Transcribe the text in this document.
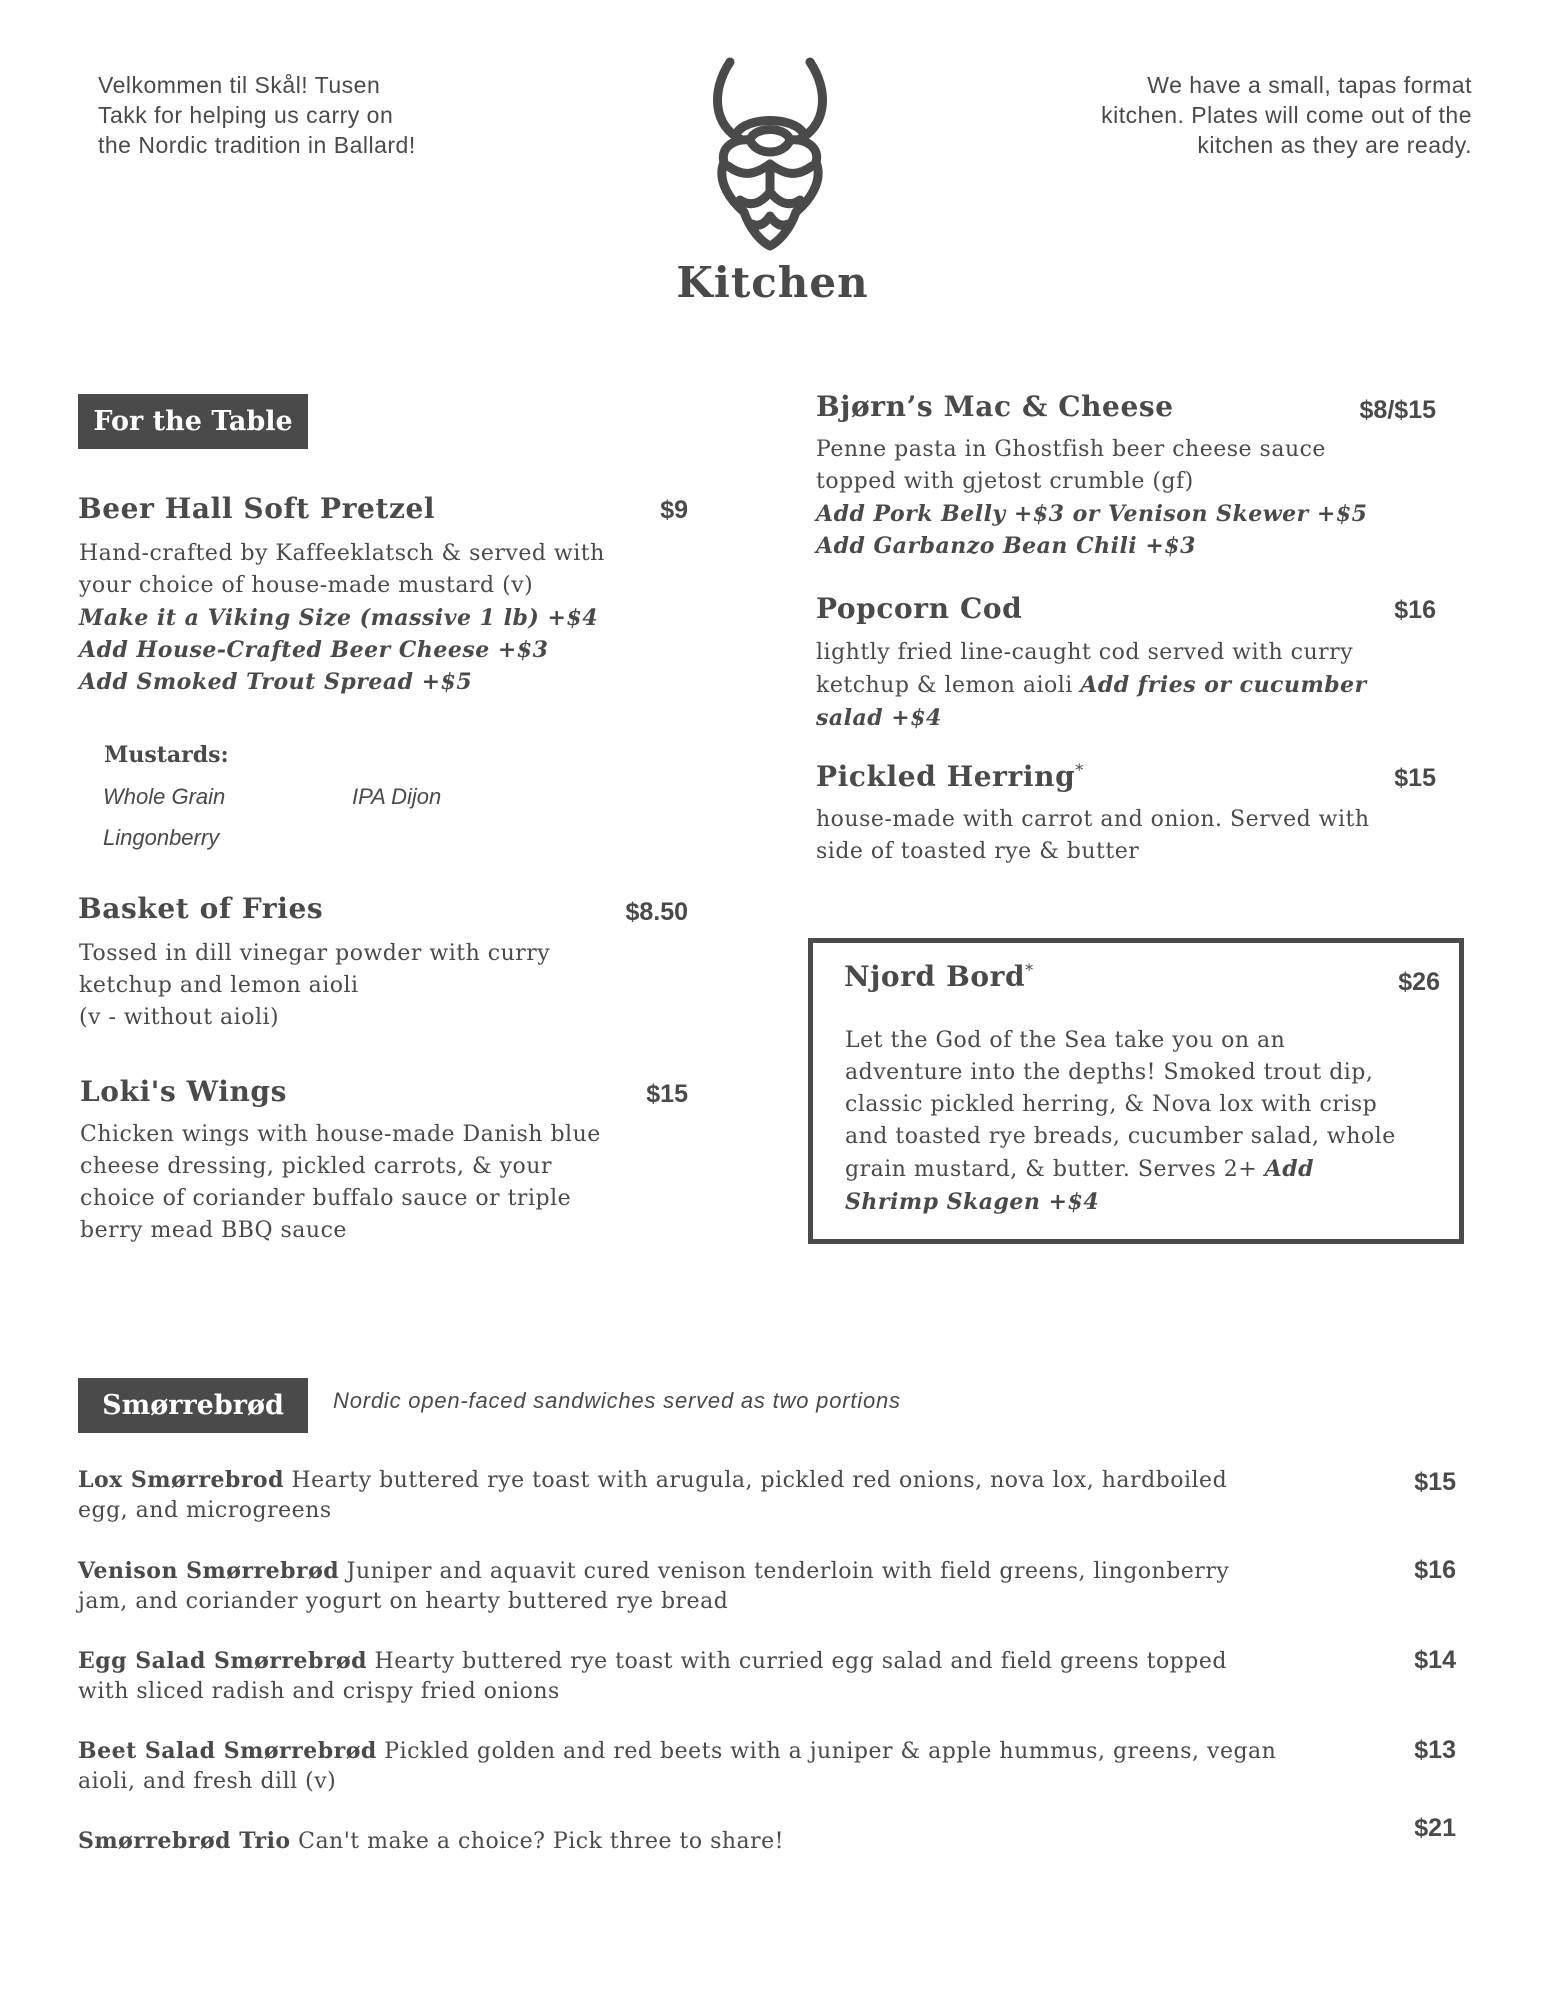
Velkommen til Skål! Tusen Takk for helping us carry on the Nordic tradition in Ballard!
We have a small, tapas format kitchen. Plates will come out of the kitchen as they are ready.
Kitchen
For the Table
Beer Hall Soft Pretzel	$9
Hand-crafted by Kaffeeklatsch & served with your choice of house-made mustard (v)
Make it a Viking Size (massive 1 lb) +$4
Add House-Crafted Beer Cheese +$3
Add Smoked Trout Spread +$5
Mustards:
Whole Grain	IPA Dijon
Lingonberry
Basket of Fries	$8.50
Tossed in dill vinegar powder with curry ketchup and lemon aioli
(v - without aioli)
Loki's Wings	$15
Chicken wings with house-made Danish blue cheese dressing, pickled carrots, & your choice of coriander buffalo sauce or triple berry mead BBQ sauce
Bjørn’s Mac & Cheese	$8/$15
Penne pasta in Ghostfish beer cheese sauce topped with gjetost crumble (gf)
Add Pork Belly +$3 or Venison Skewer +$5
Add Garbanzo Bean Chili +$3
Popcorn Cod	$16
lightly fried line-caught cod served with curry ketchup & lemon aioli Add fries or cucumber salad +$4
Pickled Herring*	$15
house-made with carrot and onion. Served with side of toasted rye & butter
Njord Bord*	$26
Let the God of the Sea take you on an adventure into the depths! Smoked trout dip, classic pickled herring, & Nova lox with crisp and toasted rye breads, cucumber salad, whole grain mustard, & butter. Serves 2+ Add Shrimp Skagen +$4
Smørrebrød	Nordic open-faced sandwiches served as two portions
Lox Smørrebrod Hearty buttered rye toast with arugula, pickled red onions, nova lox, hardboiled egg, and microgreens
$15
Venison Smørrebrød Juniper and aquavit cured venison tenderloin with field greens, lingonberry jam, and coriander yogurt on hearty buttered rye bread
$16
Egg Salad Smørrebrød Hearty buttered rye toast with curried egg salad and field greens topped with sliced radish and crispy fried onions
$14
Beet Salad Smørrebrød Pickled golden and red beets with a juniper & apple hummus, greens, vegan aioli, and fresh dill (v)
$13
Smørrebrød Trio Can't make a choice? Pick three to share!	$21
